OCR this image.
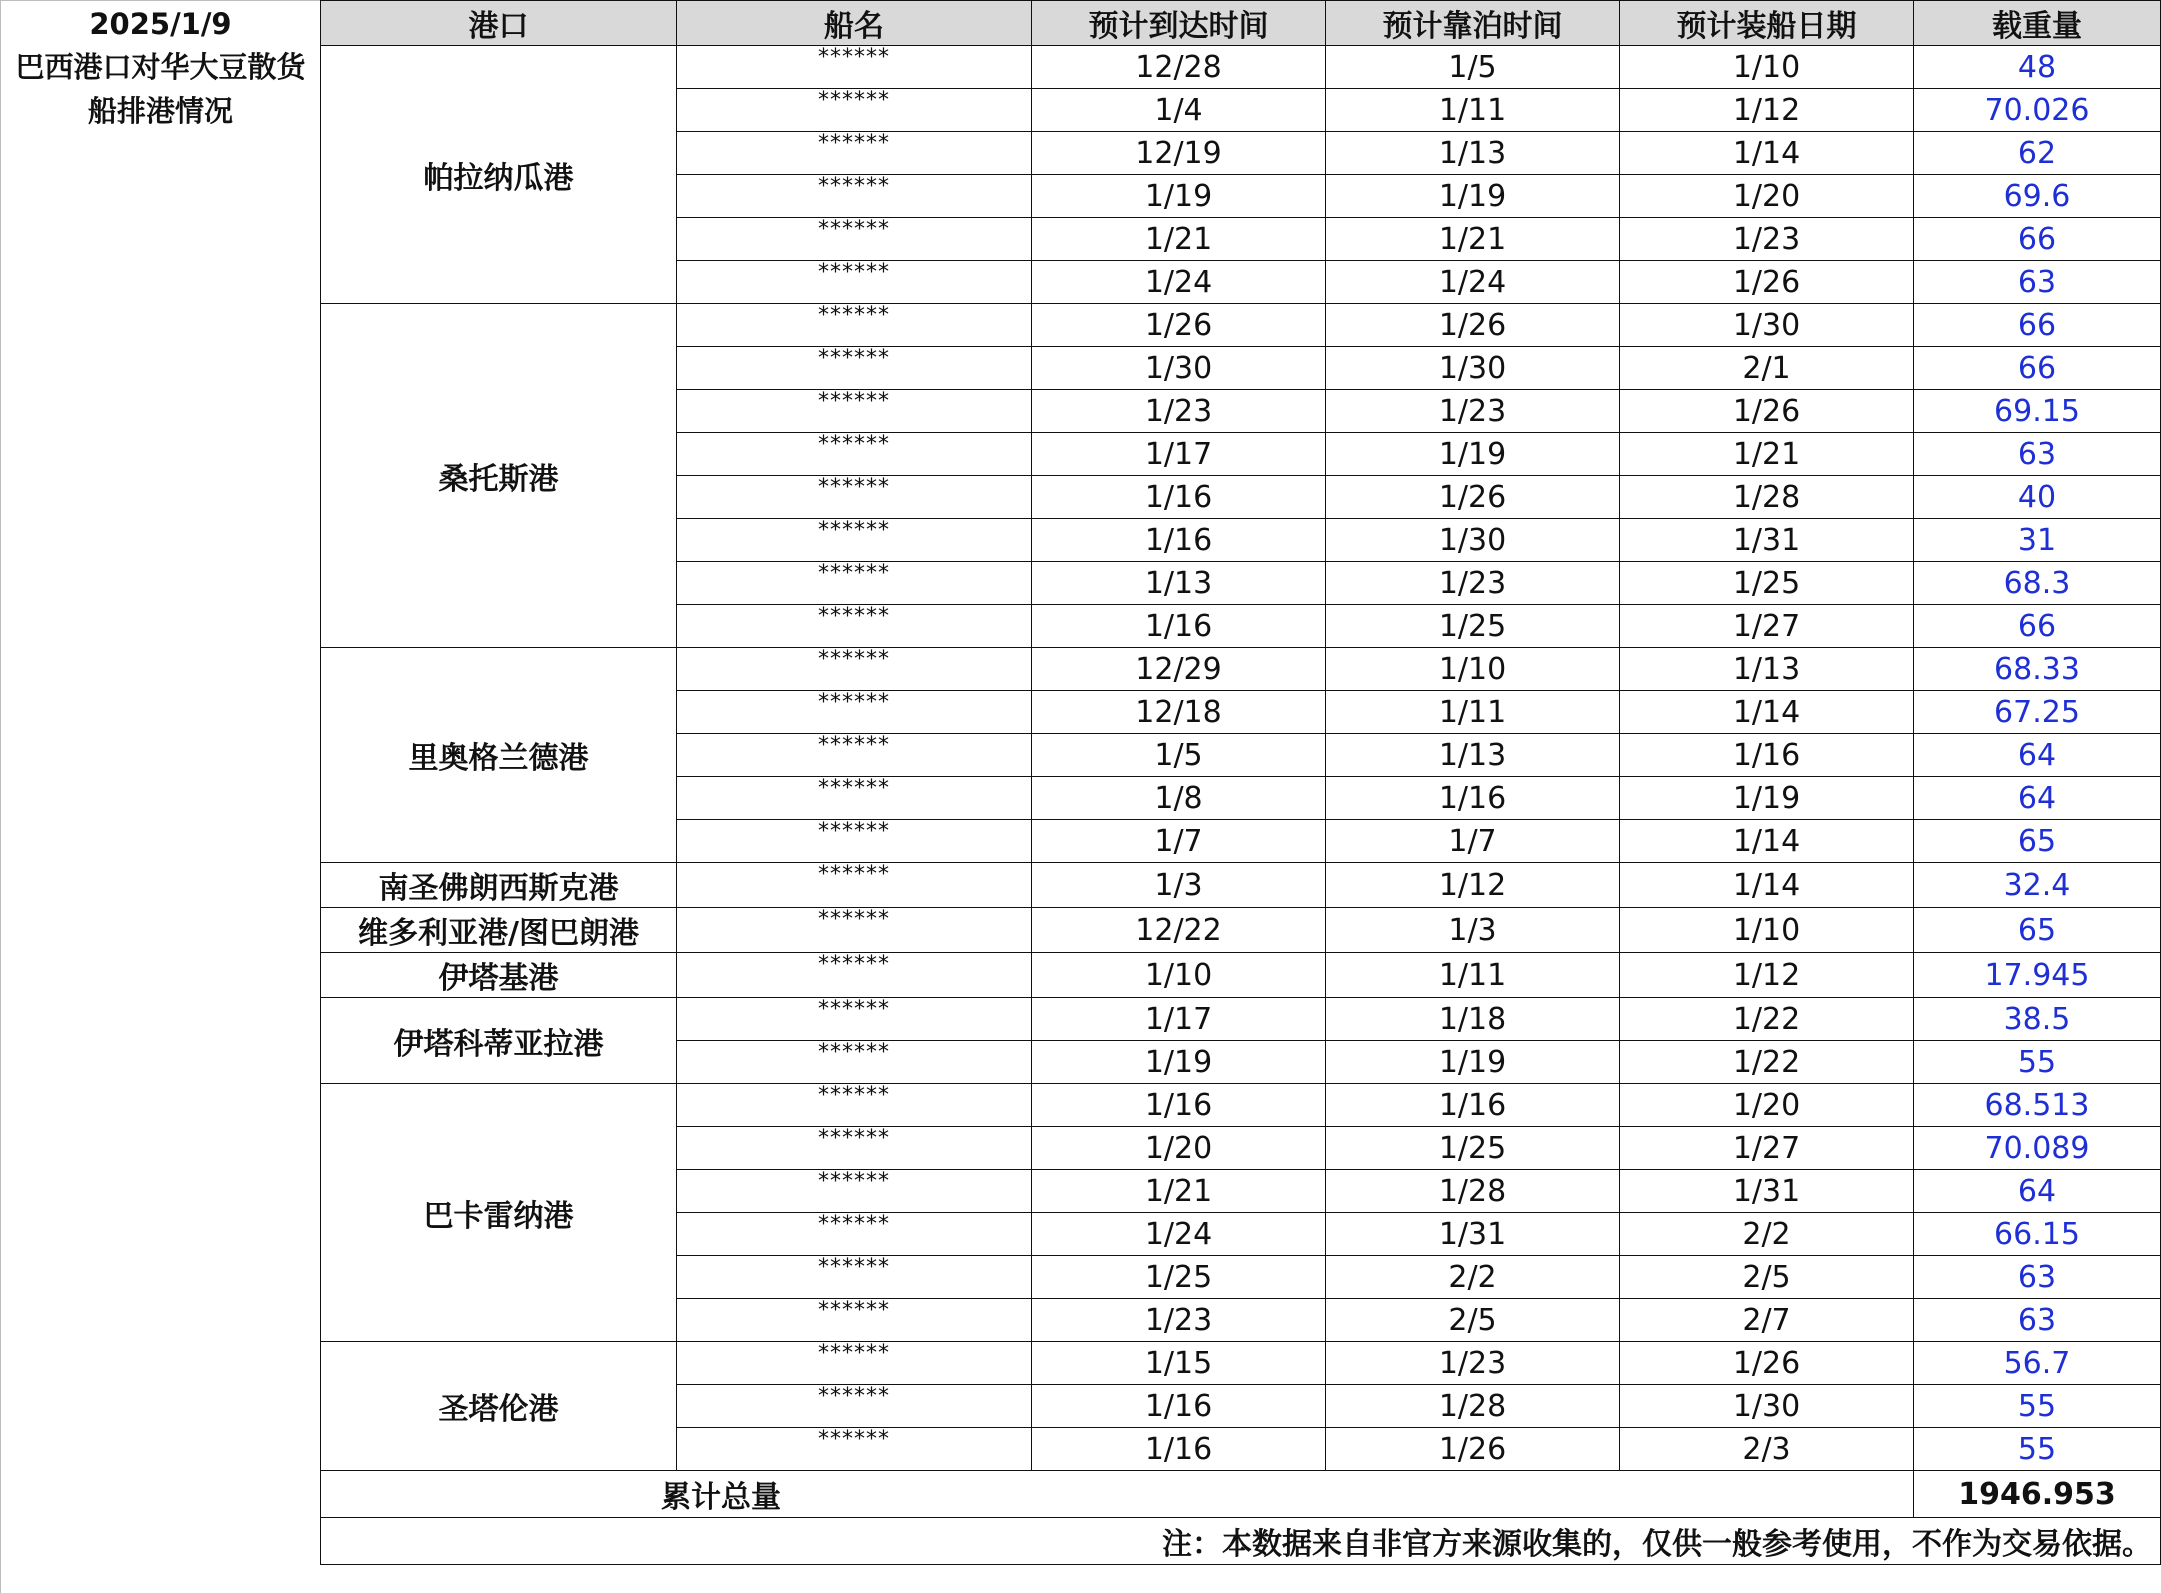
2025/1/9
巴西港口对华大豆散货船排港情况
港口	船名	预计到达时间	预计靠泊时间	预计装船日期	载重量
帕拉纳瓜港	******	12/28	1/5	1/10	48
	******	1/4	1/11	1/12	70.026
	******	12/19	1/13	1/14	62
	******	1/19	1/19	1/20	69.6
	******	1/21	1/21	1/23	66
	******	1/24	1/24	1/26	63
桑托斯港	******	1/26	1/26	1/30	66
	******	1/30	1/30	2/1	66
	******	1/23	1/23	1/26	69.15
	******	1/17	1/19	1/21	63
	******	1/16	1/26	1/28	40
	******	1/16	1/30	1/31	31
	******	1/13	1/23	1/25	68.3
	******	1/16	1/25	1/27	66
里奥格兰德港	******	12/29	1/10	1/13	68.33
	******	12/18	1/11	1/14	67.25
	******	1/5	1/13	1/16	64
	******	1/8	1/16	1/19	64
	******	1/7	1/7	1/14	65
南圣佛朗西斯克港	******	1/3	1/12	1/14	32.4
维多利亚港/图巴朗港	******	12/22	1/3	1/10	65
伊塔基港	******	1/10	1/11	1/12	17.945
伊塔科蒂亚拉港	******	1/17	1/18	1/22	38.5
	******	1/19	1/19	1/22	55
巴卡雷纳港	******	1/16	1/16	1/20	68.513
	******	1/20	1/25	1/27	70.089
	******	1/21	1/28	1/31	64
	******	1/24	1/31	2/2	66.15
	******	1/25	2/2	2/5	63
	******	1/23	2/5	2/7	63
圣塔伦港	******	1/15	1/23	1/26	56.7
	******	1/16	1/28	1/30	55
	******	1/16	1/26	2/3	55
累计总量					1946.953
注：本数据来自非官方来源收集的，仅供一般参考使用，不作为交易依据。					
